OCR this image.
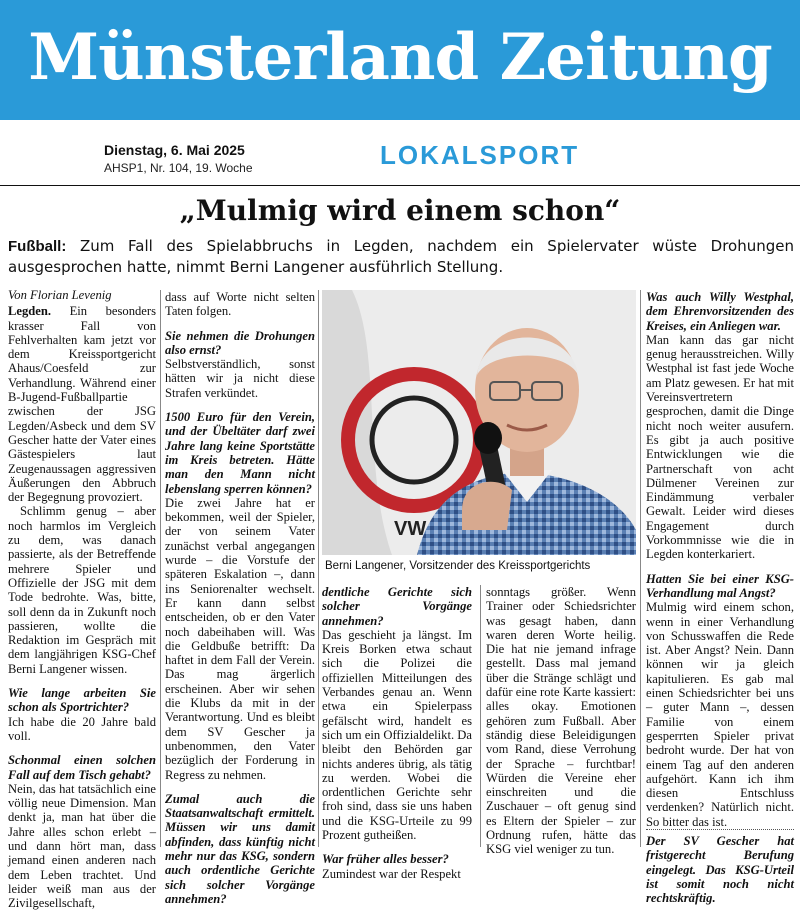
Münsterland Zeitung
Dienstag, 6. Mai 2025
AHSP1, Nr. 104, 19. Woche	LOKALSPORT
„Mulmig wird einem schon“
Fußball: Zum Fall des Spielabbruchs in Legden, nachdem ein Spielervater wüste Drohungen ausgesprochen hatte, nimmt Berni Langener ausführlich Stellung.

Von Florian Levenig

Legden. Ein besonders krasser Fall von Fehlverhalten kam jetzt vor dem Kreissportgericht Ahaus/Coesfeld zur Verhandlung. Während einer B-Jugend-Fußballpartie zwischen der JSG Legden/Asbeck und dem SV Gescher hatte der Vater eines Gästespielers laut Zeugenaussagen aggressiven Äußerungen den Abbruch der Begegnung provoziert.

Schlimm genug – aber noch harmlos im Vergleich zu dem, was danach passierte, als der Betreffende mehrere Spieler und Offizielle der JSG mit dem Tode bedrohte. Was, bitte, soll denn da in Zukunft noch passieren, wollte die Redaktion im Gespräch mit dem langjährigen KSG-Chef Berni Langener wissen.

Wie lange arbeiten Sie schon als Sportrichter?

Ich habe die 20 Jahre bald voll.

Schonmal einen solchen Fall auf dem Tisch gehabt?

Nein, das hat tatsächlich eine völlig neue Dimension. Man denkt ja, man hat über die Jahre alles schon erlebt – und dann hört man, dass jemand einen anderen nach dem Leben trachtet. Und leider weiß man aus der Zivilgesellschaft,

dass auf Worte nicht selten Taten folgen.

Sie nehmen die Drohungen also ernst?

Selbstverständlich, sonst hätten wir ja nicht diese Strafen verkündet.

1500 Euro für den Verein, und der Übeltäter darf zwei Jahre lang keine Sportstätte im Kreis betreten. Hätte man den Mann nicht lebenslang sperren können?

Die zwei Jahre hat er bekommen, weil der Spieler, der von seinem Vater zunächst verbal angegangen wurde – die Vorstufe der späteren Eskalation –, dann ins Seniorenalter wechselt. Er kann dann selbst entscheiden, ob er den Vater noch dabeihaben will. Was die Geldbuße betrifft: Da haftet in dem Fall der Verein. Das mag ärgerlich erscheinen. Aber wir sehen die Klubs da mit in der Verantwortung. Und es bleibt dem SV Gescher ja unbenommen, den Vater bezüglich der Forderung in Regress zu nehmen.

Zumal auch die Staatsanwaltschaft ermittelt. Müssen wir uns damit abfinden, dass künftig nicht mehr nur das KSG, sondern auch ordentliche Gerichte sich solcher Vorgänge annehmen?

VW
Berni Langener, Vorsitzender des Kreissportgerichts

dentliche Gerichte sich solcher Vorgänge annehmen?

Das geschieht ja längst. Im Kreis Borken etwa schaut sich die Polizei die offiziellen Mitteilungen des Verbandes genau an. Wenn etwa ein Spielerpass gefälscht wird, handelt es sich um ein Offizialdelikt. Da bleibt den Behörden gar nichts anderes übrig, als tätig zu werden. Wobei die ordentlichen Gerichte sehr froh sind, dass sie uns haben und die KSG-Urteile zu 99 Prozent gutheißen.

War früher alles besser?

Zumindest war der Respekt

sonntags größer. Wenn Trainer oder Schiedsrichter was gesagt haben, dann waren deren Worte heilig. Die hat nie jemand infrage gestellt. Dass mal jemand über die Stränge schlägt und dafür eine rote Karte kassiert: alles okay. Emotionen gehören zum Fußball. Aber ständig diese Beleidigungen vom Rand, diese Verrohung der Sprache – furchtbar! Würden die Vereine eher einschreiten und die Zuschauer – oft genug sind es Eltern der Spieler – zur Ordnung rufen, hätte das KSG viel weniger zu tun.

Was auch Willy Westphal, dem Ehrenvorsitzenden des Kreises, ein Anliegen war.

Man kann das gar nicht genug herausstreichen. Willy Westphal ist fast jede Woche am Platz gewesen. Er hat mit Vereinsvertretern gesprochen, damit die Dinge nicht noch weiter ausufern. Es gibt ja auch positive Entwicklungen wie die Partnerschaft von acht Dülmener Vereinen zur Eindämmung verbaler Gewalt. Leider wird dieses Engagement durch Vorkommnisse wie die in Legden konterkariert.

Hatten Sie bei einer KSG-Verhandlung mal Angst?

Mulmig wird einem schon, wenn in einer Verhandlung von Schusswaffen die Rede ist. Aber Angst? Nein. Dann können wir ja gleich kapitulieren. Es gab mal einen Schiedsrichter bei uns – guter Mann –, dessen Familie von einem gesperrten Spieler privat bedroht wurde. Der hat von einem Tag auf den anderen aufgehört. Kann ich ihm diesen Entschluss verdenken? Natürlich nicht. So bitter das ist.

Der SV Gescher hat fristgerecht Berufung eingelegt. Das KSG-Urteil ist somit noch nicht rechtskräftig.
